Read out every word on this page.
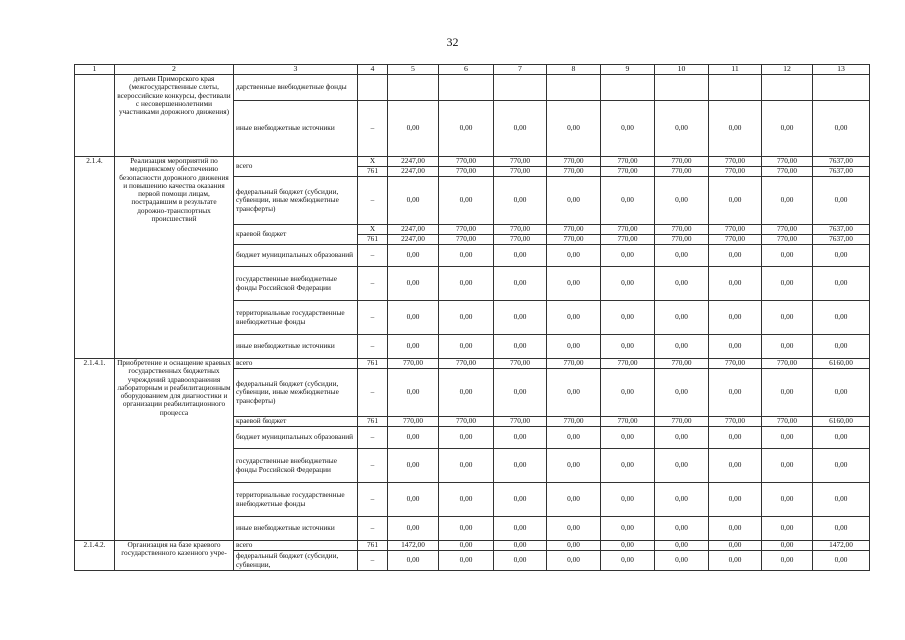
32
1	2	3	4	5	6	7	8	9	10	11	12	13
	детьми Приморского края (межгосударственные слеты, всероссийские конкурсы, фестивали с несовершеннолетними участниками дорожного движения)	дарственные внебюджетные фонды										
		иные внебюджетные источники	–	0,00	0,00	0,00	0,00	0,00	0,00	0,00	0,00	0,00
2.1.4.	Реализация мероприятий по медицинскому обеспечению безопасности дорожного движения и повышению качества оказания первой помощи лицам, пострадавшим в результате дорожно-транспортных происшествий	всего	X	2247,00	770,00	770,00	770,00	770,00	770,00	770,00	770,00	7637,00
			761	2247,00	770,00	770,00	770,00	770,00	770,00	770,00	770,00	7637,00
		федеральный бюджет (субсидии, субвенции, иные межбюджетные трансферты)	–	0,00	0,00	0,00	0,00	0,00	0,00	0,00	0,00	0,00
		краевой бюджет	X	2247,00	770,00	770,00	770,00	770,00	770,00	770,00	770,00	7637,00
			761	2247,00	770,00	770,00	770,00	770,00	770,00	770,00	770,00	7637,00
		бюджет муниципальных образований	–	0,00	0,00	0,00	0,00	0,00	0,00	0,00	0,00	0,00
		государственные внебюджетные фонды Российской Федерации	–	0,00	0,00	0,00	0,00	0,00	0,00	0,00	0,00	0,00
		территориальные государственные внебюджетные фонды	–	0,00	0,00	0,00	0,00	0,00	0,00	0,00	0,00	0,00
		иные внебюджетные источники	–	0,00	0,00	0,00	0,00	0,00	0,00	0,00	0,00	0,00
2.1.4.1.	Приобретение и оснащение краевых государственных бюджетных учреждений здравоохранения лабораторным и реабилитационным оборудованием для диагностики и организации реабилитационного процесса	всего	761	770,00	770,00	770,00	770,00	770,00	770,00	770,00	770,00	6160,00
		федеральный бюджет (субсидии, субвенции, иные межбюджетные трансферты)	–	0,00	0,00	0,00	0,00	0,00	0,00	0,00	0,00	0,00
		краевой бюджет	761	770,00	770,00	770,00	770,00	770,00	770,00	770,00	770,00	6160,00
		бюджет муниципальных образований	–	0,00	0,00	0,00	0,00	0,00	0,00	0,00	0,00	0,00
		государственные внебюджетные фонды Российской Федерации	–	0,00	0,00	0,00	0,00	0,00	0,00	0,00	0,00	0,00
		территориальные государственные внебюджетные фонды	–	0,00	0,00	0,00	0,00	0,00	0,00	0,00	0,00	0,00
		иные внебюджетные источники	–	0,00	0,00	0,00	0,00	0,00	0,00	0,00	0,00	0,00
2.1.4.2.	Организация на базе краевого государственного казенного учре-	всего	761	1472,00	0,00	0,00	0,00	0,00	0,00	0,00	0,00	1472,00
		федеральный бюджет (субсидии, субвенции,	–	0,00	0,00	0,00	0,00	0,00	0,00	0,00	0,00	0,00
